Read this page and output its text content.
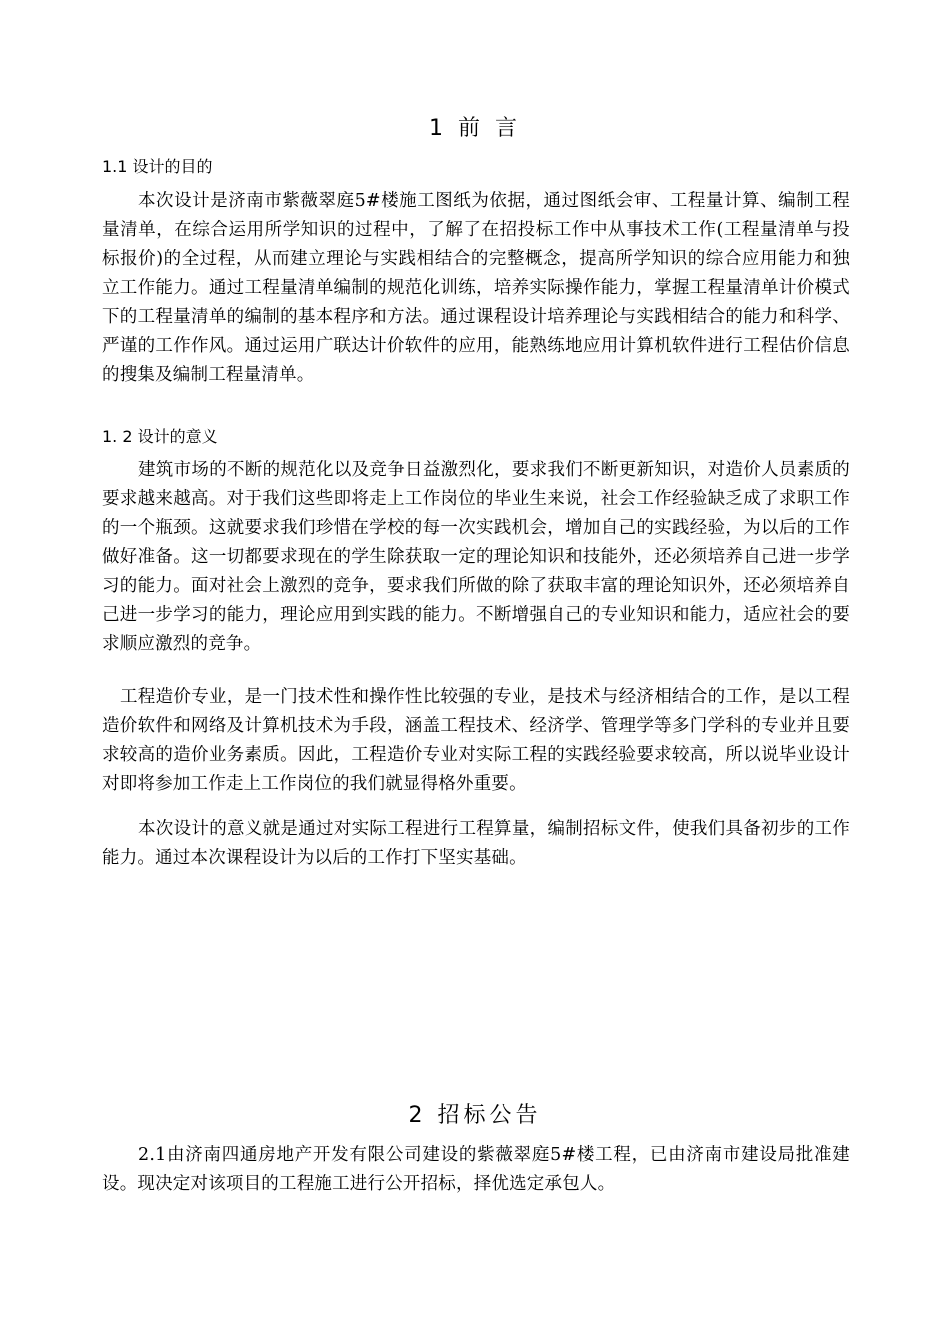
1 前 言
1.1 设计的目的

本次设计是济南市紫薇翠庭5#楼施工图纸为依据，通过图纸会审、工程量计算、编制工程量清单，在综合运用所学知识的过程中，了解了在招投标工作中从事技术工作(工程量清单与投标报价)的全过程，从而建立理论与实践相结合的完整概念，提高所学知识的综合应用能力和独立工作能力。通过工程量清单编制的规范化训练，培养实际操作能力，掌握工程量清单计价模式下的工程量清单的编制的基本程序和方法。通过课程设计培养理论与实践相结合的能力和科学、严谨的工作作风。通过运用广联达计价软件的应用，能熟练地应用计算机软件进行工程估价信息的搜集及编制工程量清单。

1. 2 设计的意义

建筑市场的不断的规范化以及竞争日益激烈化，要求我们不断更新知识，对造价人员素质的要求越来越高。对于我们这些即将走上工作岗位的毕业生来说，社会工作经验缺乏成了求职工作的一个瓶颈。这就要求我们珍惜在学校的每一次实践机会，增加自己的实践经验，为以后的工作做好准备。这一切都要求现在的学生除获取一定的理论知识和技能外，还必须培养自己进一步学习的能力。面对社会上激烈的竞争，要求我们所做的除了获取丰富的理论知识外，还必须培养自己进一步学习的能力，理论应用到实践的能力。不断增强自己的专业知识和能力，适应社会的要求顺应激烈的竞争。

工程造价专业，是一门技术性和操作性比较强的专业，是技术与经济相结合的工作，是以工程造价软件和网络及计算机技术为手段，涵盖工程技术、经济学、管理学等多门学科的专业并且要求较高的造价业务素质。因此，工程造价专业对实际工程的实践经验要求较高，所以说毕业设计对即将参加工作走上工作岗位的我们就显得格外重要。

本次设计的意义就是通过对实际工程进行工程算量，编制招标文件，使我们具备初步的工作能力。通过本次课程设计为以后的工作打下坚实基础。

2 招标公告

2.1由济南四通房地产开发有限公司建设的紫薇翠庭5#楼工程，已由济南市建设局批准建设。现决定对该项目的工程施工进行公开招标，择优选定承包人。
